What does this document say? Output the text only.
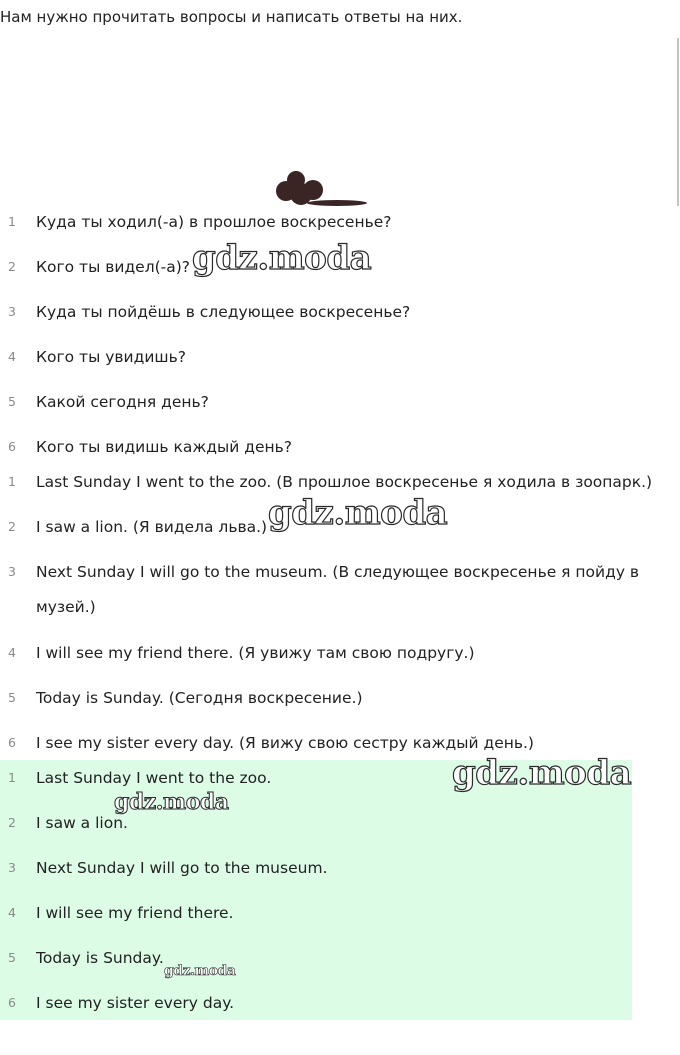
Нам нужно прочитать вопросы и написать ответы на них.

1	Куда ты ходил(-а) в прошлое воскресенье?
2	Кого ты видел(-а)?
3	Куда ты пойдёшь в следующее воскресенье?
4	Кого ты увидишь?
5	Какой сегодня день?
6	Кого ты видишь каждый день?
1	Last Sunday I went to the zoo. (В прошлое воскресенье я ходила в зоопарк.)
2	I saw a lion. (Я видела льва.)
3	Next Sunday I will go to the museum. (В следующее воскресенье я пойду в музей.)
4	I will see my friend there. (Я увижу там свою подругу.)
5	Today is Sunday. (Сегодня воскресение.)
6	I see my sister every day. (Я вижу свою сестру каждый день.)
1	Last Sunday I went to the zoo.
2	I saw a lion.
3	Next Sunday I will go to the museum.
4	I will see my friend there.
5	Today is Sunday.
6	I see my sister every day.
gdz.moda
gdz.moda
gdz.moda
gdz.moda
gdz.moda
